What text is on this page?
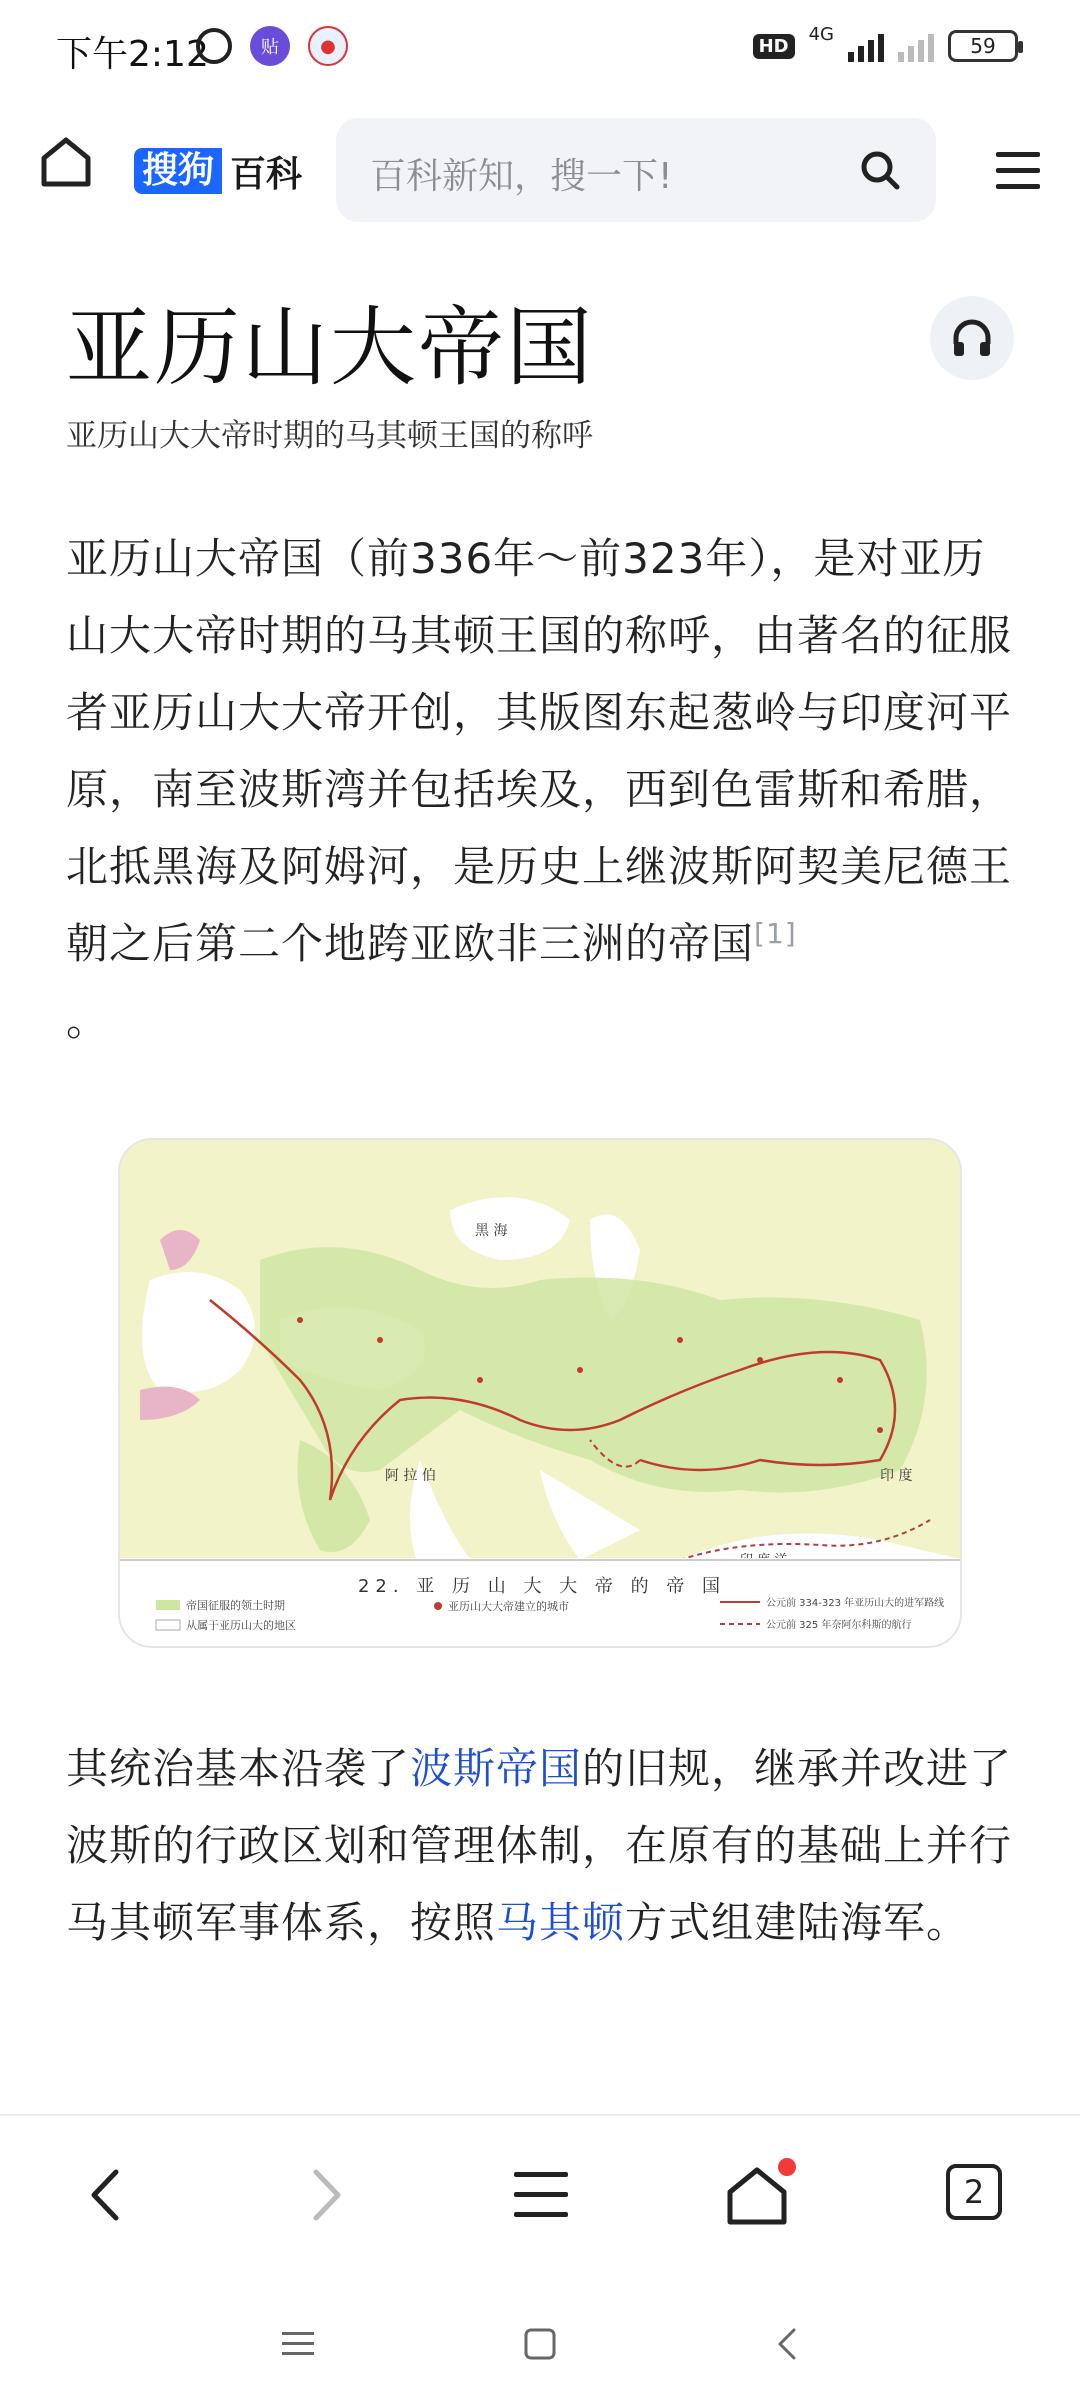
下午2:12	贴	●	HD
4G	59
搜狗 百科 百科新知，搜一下!
亚历山大帝国
亚历山大大帝时期的马其顿王国的称呼
亚历山大帝国（前336年～前323年），是对亚历山大大帝时期的马其顿王国的称呼，由著名的征服者亚历山大大帝开创，其版图东起葱岭与印度河平原，南至波斯湾并包括埃及，西到色雷斯和希腊，北抵黑海及阿姆河，是历史上继波斯阿契美尼德王朝之后第二个地跨亚欧非三洲的帝国[1]
。
黑 海
阿 拉 伯	印 度
帝国征服的领土时期
从属于亚历山大的地区
亚历山大大帝建立的城市	公元前 334-323 年亚历山大的进军路线
公元前 325 年奈阿尔科斯的航行
22. 亚 历 山 大 大 帝 的 帝 国
其统治基本沿袭了波斯帝国的旧规，继承并改进了波斯的行政区划和管理体制，在原有的基础上并行马其顿军事体系，按照马其顿方式组建陆海军。
2
